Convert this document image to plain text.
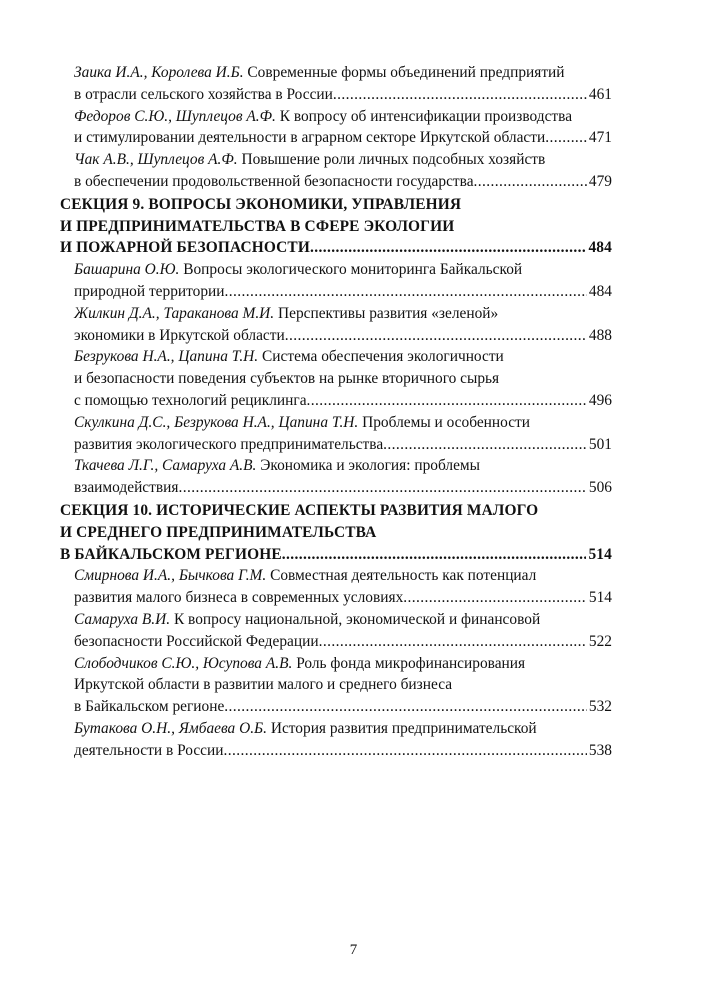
Заика И.А., Королева И.Б. Современные формы объединений предприятий
в отрасли сельского хозяйства в России .....	461
Федоров С.Ю., Шуплецов А.Ф. К вопросу об интенсификации производства
и стимулировании деятельности в аграрном секторе Иркутской области .....	471
Чак А.В., Шуплецов А.Ф. Повышение роли личных подсобных хозяйств
в обеспечении продовольственной безопасности государства .....	479
СЕКЦИЯ 9. ВОПРОСЫ ЭКОНОМИКИ, УПРАВЛЕНИЯ
И ПРЕДПРИНИМАТЕЛЬСТВА В СФЕРЕ ЭКОЛОГИИ
И ПОЖАРНОЙ БЕЗОПАСНОСТИ .....	484
Башарина О.Ю. Вопросы экологического мониторинга Байкальской
природной территории .....	484
Жилкин Д.А., Тараканова М.И. Перспективы развития «зеленой»
экономики в Иркутской области .....	488
Безрукова Н.А., Цапина Т.Н. Система обеспечения экологичности
и безопасности поведения субъектов на рынке вторичного сырья
с помощью технологий рециклинга .....	496
Скулкина Д.С., Безрукова Н.А., Цапина Т.Н. Проблемы и особенности
развития экологического предпринимательства .....	501
Ткачева Л.Г., Самаруха А.В. Экономика и экология: проблемы
взаимодействия .....	506
СЕКЦИЯ 10. ИСТОРИЧЕСКИЕ АСПЕКТЫ РАЗВИТИЯ МАЛОГО
И СРЕДНЕГО ПРЕДПРИНИМАТЕЛЬСТВА
В БАЙКАЛЬСКОМ РЕГИОНЕ .....	514
Смирнова И.А., Бычкова Г.М. Совместная деятельность как потенциал
развития малого бизнеса в современных условиях .....	514
Самаруха В.И. К вопросу национальной, экономической и финансовой
безопасности Российской Федерации .....	522
Слободчиков С.Ю., Юсупова А.В. Роль фонда микрофинансирования
Иркутской области в развитии малого и среднего бизнеса
в Байкальском регионе .....	532
Бутакова О.Н., Ямбаева О.Б. История развития предпринимательской
деятельности в России .....	538
7
